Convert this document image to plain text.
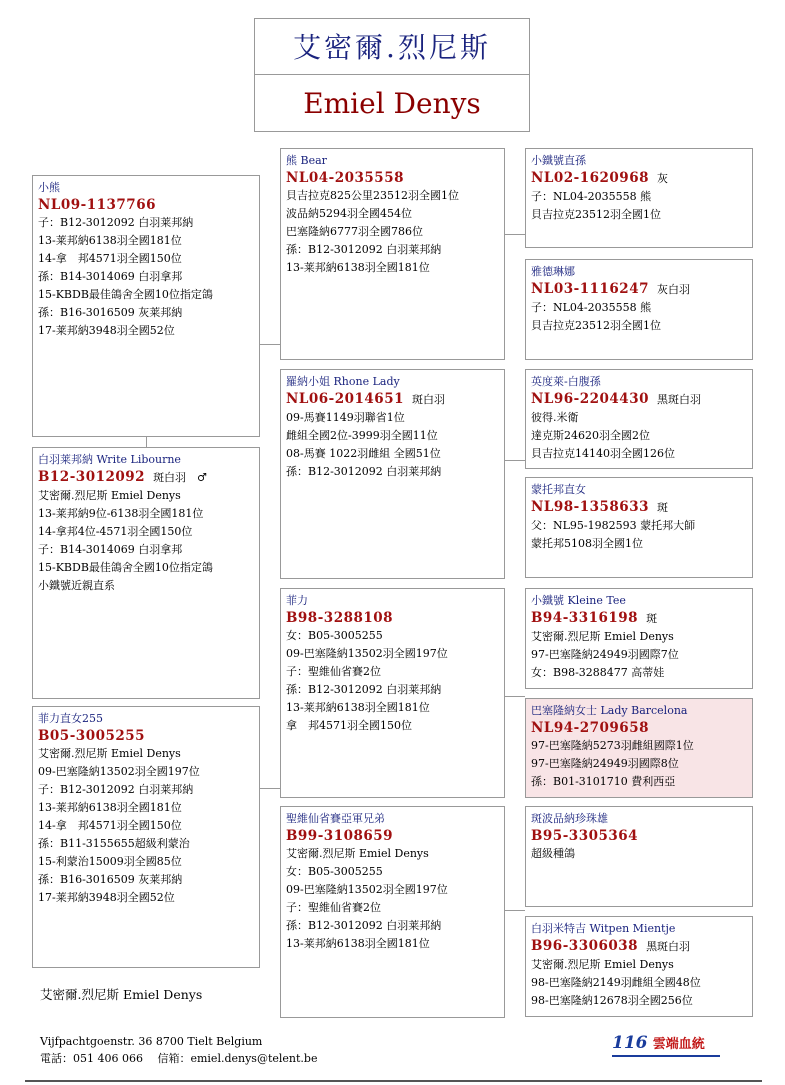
艾密爾.烈尼斯
Emiel Denys
小熊
NL09-1137766
子：B12-3012092 白羽莱邦納
13-莱邦納6138羽全國181位
14-拿　邦4571羽全國150位
孫：B14-3014069 白羽拿邦
15-KBDB最佳鴿舍全國10位指定鴿
孫：B16-3016509 灰莱邦納
17-莱邦納3948羽全國52位
白羽莱邦納 Write Libourne
B12-3012092 斑白羽　♂
艾密爾.烈尼斯 Emiel Denys
13-莱邦納9位-6138羽全國181位
14-拿邦4位-4571羽全國150位
子：B14-3014069 白羽拿邦
15-KBDB最佳鴿舍全國10位指定鴿
小鐵號近親直系
菲力直女255
B05-3005255
艾密爾.烈尼斯 Emiel Denys
09-巴塞隆納13502羽全國197位
子：B12-3012092 白羽莱邦納
13-莱邦納6138羽全國181位
14-拿　邦4571羽全國150位
孫：B11-3155655超級利蒙治
15-利蒙治15009羽全國85位
孫：B16-3016509 灰莱邦納
17-莱邦納3948羽全國52位
熊 Bear
NL04-2035558
貝吉拉克825公里23512羽全國1位
波品納5294羽全國454位
巴塞隆納6777羽全國786位
孫：B12-3012092 白羽莱邦納
13-莱邦納6138羽全國181位
羅納小姐 Rhone Lady
NL06-2014651 斑白羽
09-馬賽1149羽聯省1位
雌組全國2位-3999羽全國11位
08-馬賽 1022羽雌組 全國51位
孫：B12-3012092 白羽莱邦納
菲力
B98-3288108
女：B05-3005255
09-巴塞隆納13502羽全國197位
子：聖維仙省賽2位
孫：B12-3012092 白羽莱邦納
13-莱邦納6138羽全國181位
拿　邦4571羽全國150位
聖維仙省賽亞軍兄弟
B99-3108659
艾密爾.烈尼斯 Emiel Denys
女：B05-3005255
09-巴塞隆納13502羽全國197位
子：聖維仙省賽2位
孫：B12-3012092 白羽莱邦納
13-莱邦納6138羽全國181位
小鐵號直孫
NL02-1620968 灰
子：NL04-2035558 熊
貝吉拉克23512羽全國1位
雅德琳娜
NL03-1116247 灰白羽
子：NL04-2035558 熊
貝吉拉克23512羽全國1位
英度萊-白腹孫
NL96-2204430 黑斑白羽
彼得.米衛
達克斯24620羽全國2位
貝吉拉克14140羽全國126位
蒙托邦直女
NL98-1358633 斑
父：NL95-1982593 蒙托邦大師
蒙托邦5108羽全國1位
小鐵號 Kleine Tee
B94-3316198 斑
艾密爾.烈尼斯 Emiel Denys
97-巴塞隆納24949羽國際7位
女：B98-3288477 高蒂娃
巴塞隆納女士 Lady Barcelona
NL94-2709658
97-巴塞隆納5273羽雌組國際1位
97-巴塞隆納24949羽國際8位
孫：B01-3101710 費利西亞
斑波品納珍珠雄
B95-3305364
超級種鴿
白羽米特吉 Witpen Mientje
B96-3306038 黑斑白羽
艾密爾.烈尼斯 Emiel Denys
98-巴塞隆納2149羽雌組全國48位
98-巴塞隆納12678羽全國256位
艾密爾.烈尼斯 Emiel Denys
Vijfpachtgoenstr. 36 8700 Tielt Belgium
電話：051 406 066　 信箱：emiel.denys@telent.be
116 雲端血統
